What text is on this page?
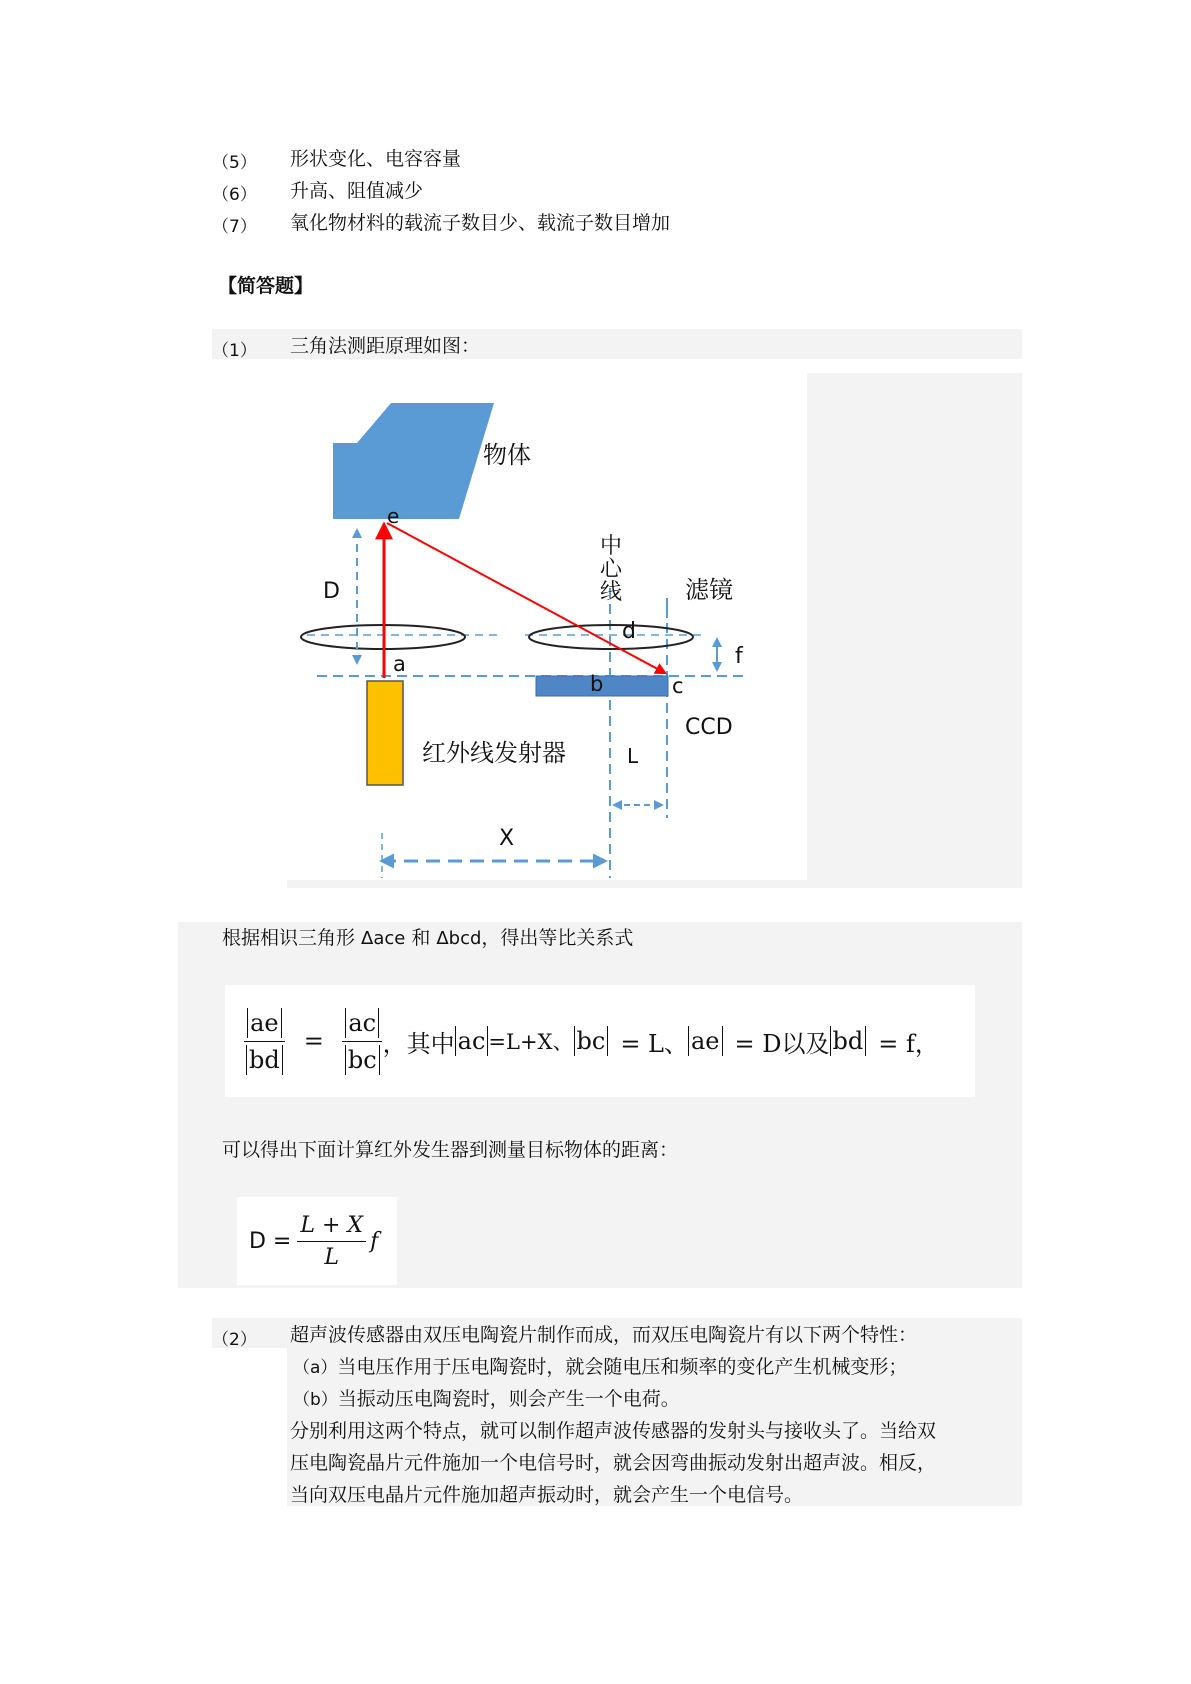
（5）	形状变化、电容容量
（6）	升高、阻值减少
（7）	氧化物材料的载流子数目少、载流子数目增加
【简答题】
（1）	三角法测距原理如图：
物体
e
中
心
线	滤镜
D
d
f
a
b	c
CCD
红外线发射器	L
X
根据相识三角形 Δace 和 Δbcd，得出等比关系式
$\frac{ae}{bd} = \frac{ac}{bc}$ ，其中 ac =L+X、 bc = L、 ae = D以及 bd = f，
可以得出下面计算红外发生器到测量目标物体的距离：
$D = \frac{L + X}{L}$ f
（2）	超声波传感器由双压电陶瓷片制作而成，而双压电陶瓷片有以下两个特性：
（a）当电压作用于压电陶瓷时，就会随电压和频率的变化产生机械变形；
（b）当振动压电陶瓷时，则会产生一个电荷。
分别利用这两个特点，就可以制作超声波传感器的发射头与接收头了。当给双
压电陶瓷晶片元件施加一个电信号时，就会因弯曲振动发射出超声波。相反，
当向双压电晶片元件施加超声振动时，就会产生一个电信号。
